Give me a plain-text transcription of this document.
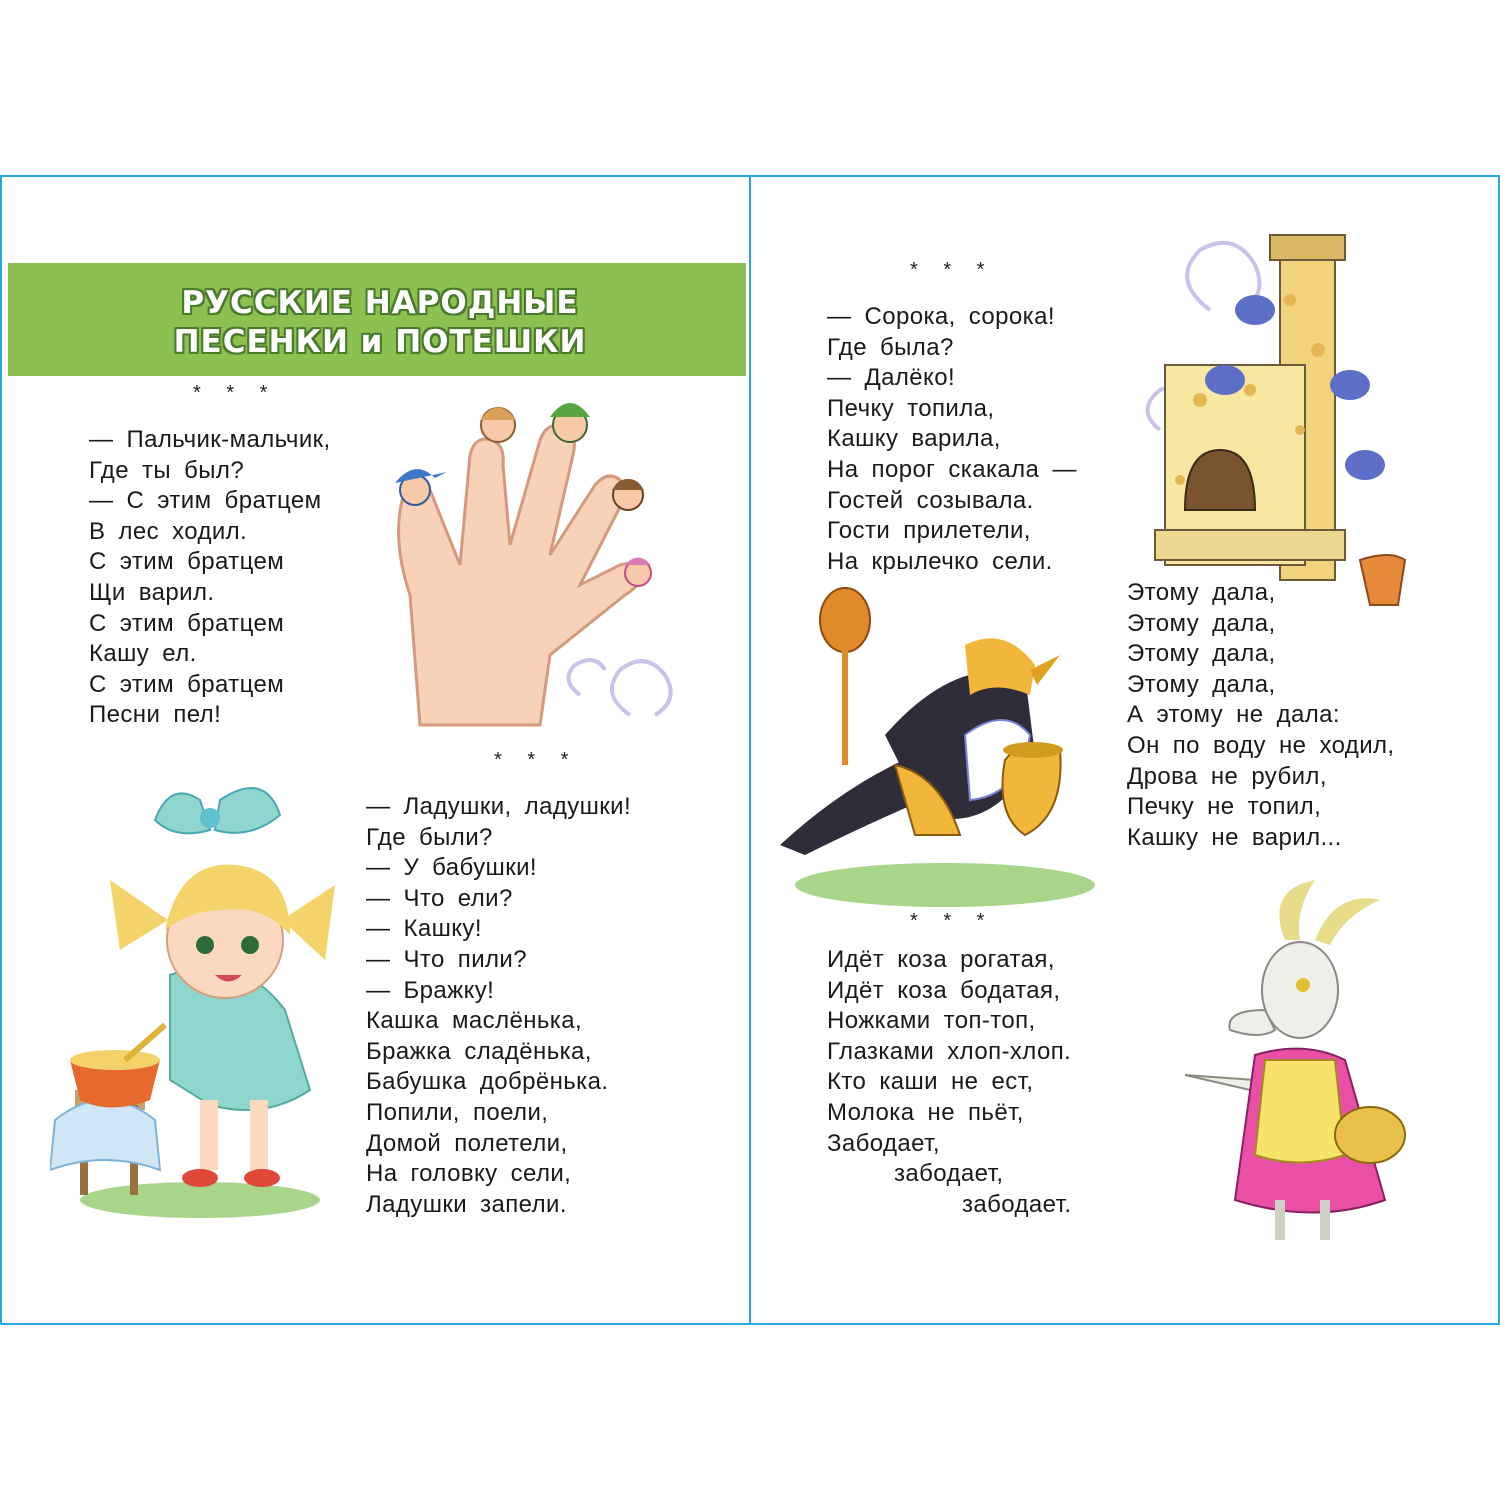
РУССКИЕ НАРОДНЫЕ
ПЕСЕНКИ и ПОТЕШКИ
* * *
* * *
* * *
* * *
— Пальчик-мальчик,
Где ты был?
— С этим братцем
В лес ходил.
С этим братцем
Щи варил.
С этим братцем
Кашу ел.
С этим братцем
Песни пел!
— Ладушки, ладушки!
Где были?
— У бабушки!
— Что ели?
— Кашку!
— Что пили?
— Бражку!
Кашка маслёнька,
Бражка сладёнька,
Бабушка добрёнька.
Попили, поели,
Домой полетели,
На головку сели,
Ладушки запели.
— Сорока, сорока!
Где была?
— Далёко!
Печку топила,
Кашку варила,
На порог скакала —
Гостей созывала.
Гости прилетели,
На крылечко сели.
Этому дала,
Этому дала,
Этому дала,
Этому дала,
А этому не дала:
Он по воду не ходил,
Дрова не рубил,
Печку не топил,
Кашку не варил...
Идёт коза рогатая,
Идёт коза бодатая,
Ножками топ-топ,
Глазками хлоп-хлоп.
Кто каши не ест,
Молока не пьёт,
Забодает,
забодает,
забодает.
